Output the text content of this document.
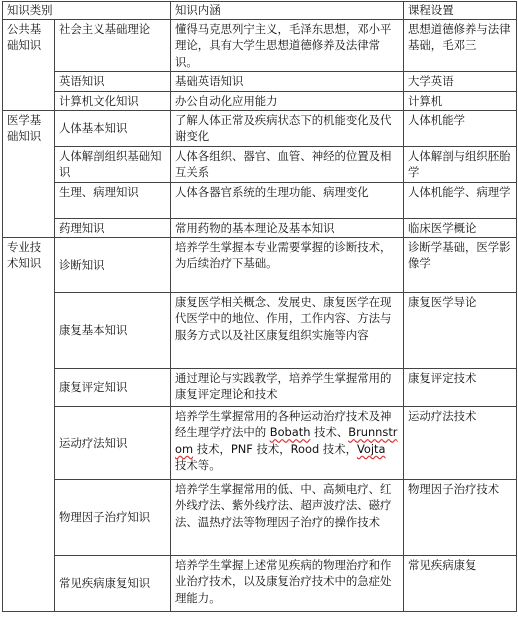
知识类别		知识内涵	课程设置
公共基础知识	社会主义基础理论	懂得马克思列宁主义，毛泽东思想，邓小平理论，具有大学生思想道德修养及法律常识。	思想道德修养与法律基础，毛邓三
	英语知识	基础英语知识	大学英语
	计算机文化知识	办公自动化应用能力	计算机
医学基础知识	人体基本知识	了解人体正常及疾病状态下的机能变化及代谢变化	人体机能学
	人体解剖组织基础知识	人体各组织、器官、血管、神经的位置及相互关系	人体解剖与组织胚胎学
	生理、病理知识	人体各器官系统的生理功能、病理变化	人体机能学、病理学
	药理知识	常用药物的基本理论及基本知识	临床医学概论
专业技术知识	诊断知识	培养学生掌握本专业需要掌握的诊断技术，为后续治疗下基础。	诊断学基础，医学影像学
	康复基本知识	康复医学相关概念、发展史、康复医学在现代医学中的地位、作用，工作内容、方法与服务方式以及社区康复组织实施等内容	康复医学导论
	康复评定知识	通过理论与实践教学，培养学生掌握常用的康复评定理论和技术	康复评定技术
	运动疗法知识	培养学生掌握常用的各种运动治疗技术及神经生理学疗法中的 Bobath 技术、Brunnstrom 技术，PNF 技术，Rood 技术，Vojta 技术等。	运动疗法技术
	物理因子治疗知识	培养学生掌握常用的低、中、高频电疗、红外线疗法、紫外线疗法、超声波疗法、磁疗法、温热疗法等物理因子治疗的操作技术	物理因子治疗技术
	常见疾病康复知识	培养学生掌握上述常见疾病的物理治疗和作业治疗技术，以及康复治疗技术中的急症处理能力。	常见疾病康复
